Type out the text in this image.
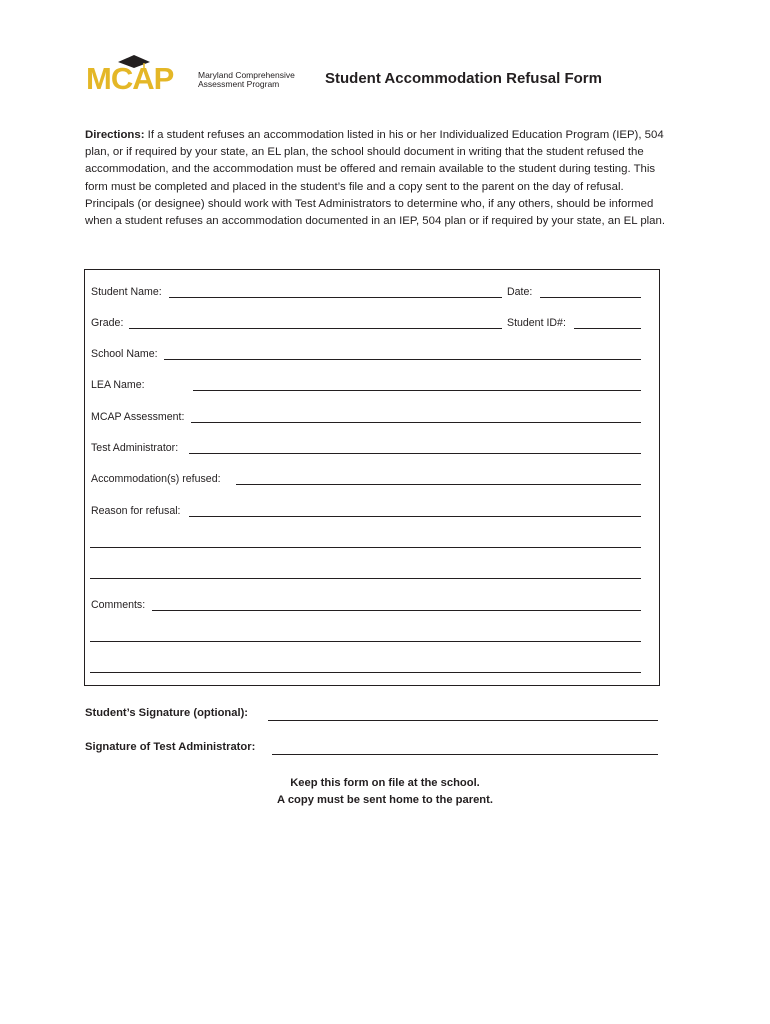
MCAP	Maryland Comprehensive
Assessment Program	Student Accommodation Refusal Form

Directions: If a student refuses an accommodation listed in his or her Individualized Education Program (IEP), 504 plan, or if required by your state, an EL plan, the school should document in writing that the student refused the accommodation, and the accommodation must be offered and remain available to the student during testing. This form must be completed and placed in the student’s file and a copy sent to the parent on the day of refusal. Principals (or designee) should work with Test Administrators to determine who, if any others, should be informed when a student refuses an accommodation documented in an IEP, 504 plan or if required by your state, an EL plan.

Student Name:	Date:
Grade:	Student ID#:
School Name:
LEA Name:
MCAP Assessment:
Test Administrator:
Accommodation(s) refused:
Reason for refusal:
Comments:
Student’s Signature (optional):
Signature of Test Administrator:
Keep this form on file at the school.
A copy must be sent home to the parent.
